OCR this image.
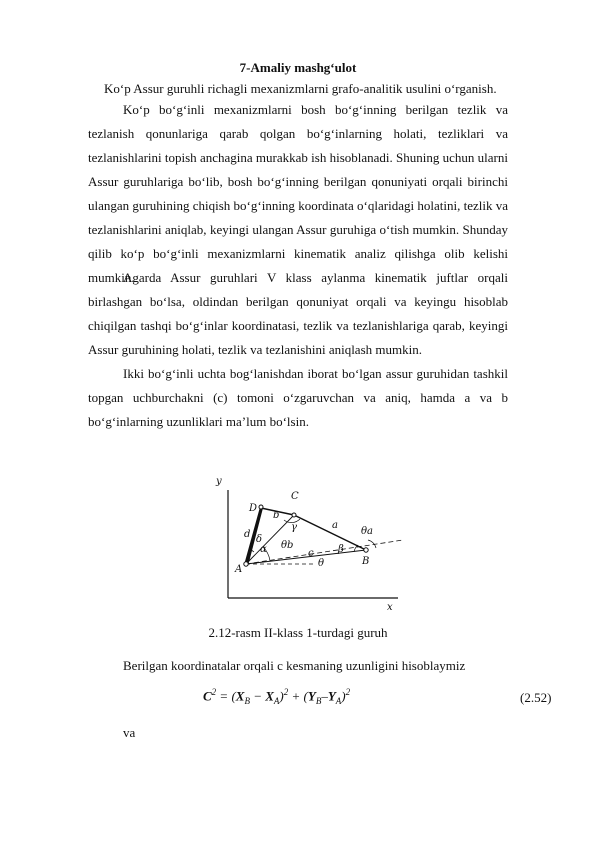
7-Amaliy mashg‘ulot
Ko‘p Assur guruhli richagli mexanizmlarni grafo-analitik usulini o‘rganish.

Ko‘p bo‘g‘inli mexanizmlarni bosh bo‘g‘inning berilgan tezlik va tezlanish qonunlariga qarab qolgan bo‘g‘inlarning holati, tezliklari va tezlanishlarini topish anchagina murakkab ish hisoblanadi. Shuning uchun ularni Assur guruhlariga bo‘lib, bosh bo‘g‘inning berilgan qonuniyati orqali birinchi ulangan guruhining chiqish bo‘g‘inning koordinata o‘qlaridagi holatini, tezlik va tezlanishlarini aniqlab, keyingi ulangan Assur guruhiga o‘tish mumkin. Shunday qilib ko‘p bo‘g‘inli mexanizmlarni kinematik analiz qilishga olib kelishi mumkin.

Agarda Assur guruhlari V klass aylanma kinematik juftlar orqali birlashgan bo‘lsa, oldindan berilgan qonuniyat orqali va keyingu hisoblab chiqilgan tashqi bo‘g‘inlar koordinatasi, tezlik va tezlanishlariga qarab, keyingi Assur guruhining holati, tezlik va tezlanishini aniqlash mumkin.

Ikki bo‘g‘inli uchta bog‘lanishdan iborat bo‘lgan assur guruhidan tashkil topgan uchburchakni (c) tomoni o‘zgaruvchan va aniq, hamda a va b bo‘g‘inlarning uzunliklari ma’lum bo‘lsin.

y
x
A
B
C
D
a
b
c
d	θa
θb
θ
β
γ
α
δ
2.12-rasm II-klass 1-turdagi guruh
Berilgan koordinatalar orqali c kesmaning uzunligini hisoblaymiz
$C^2 = (X_B - X_A)^2 + (Y_B-Y_A)^2$	(2.52)
va
